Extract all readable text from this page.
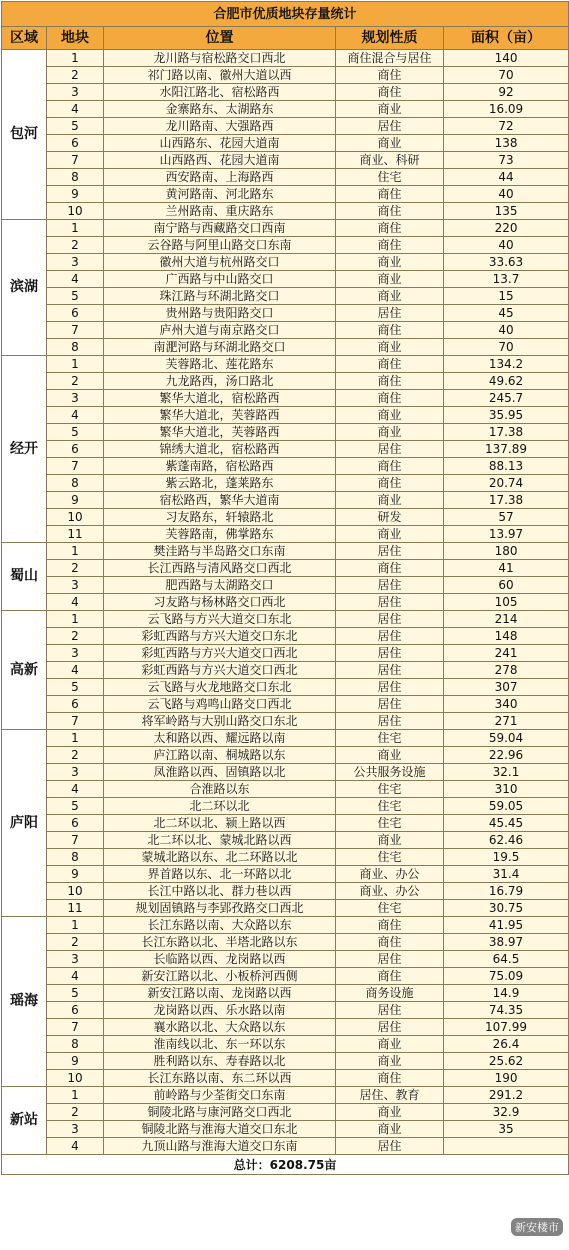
合肥市优质地块存量统计				
区域	地块	位置	规划性质	面积（亩）
包河	1	龙川路与宿松路交口西北	商住混合与居住	140
	2	祁门路以南、徽州大道以西	商住	70
	3	水阳江路北、宿松路西	商住	92
	4	金寨路东、太湖路东	商业	16.09
	5	龙川路南、大强路西	居住	72
	6	山西路东、花园大道南	商业	138
	7	山西路西、花园大道南	商业、科研	73
	8	西安路南、上海路西	住宅	44
	9	黄河路南、河北路东	商住	40
	10	兰州路南、重庆路东	商住	135
滨湖	1	南宁路与西藏路交口西南	商住	220
	2	云谷路与阿里山路交口东南	商住	40
	3	徽州大道与杭州路交口	商业	33.63
	4	广西路与中山路交口	商业	13.7
	5	珠江路与环湖北路交口	商业	15
	6	贵州路与贵阳路交口	居住	45
	7	庐州大道与南京路交口	商住	40
	8	南淝河路与环湖北路交口	商业	70
经开	1	芙蓉路北、莲花路东	商住	134.2
	2	九龙路西，汤口路北	商住	49.62
	3	繁华大道北，宿松路西	商住	245.7
	4	繁华大道北，芙蓉路西	商业	35.95
	5	繁华大道北，芙蓉路西	商业	17.38
	6	锦绣大道北，宿松路西	居住	137.89
	7	紫蓬南路，宿松路西	商住	88.13
	8	紫云路北，蓬莱路东	商住	20.74
	9	宿松路西，繁华大道南	商业	17.38
	10	习友路东，轩辕路北	研发	57
	11	芙蓉路南，佛掌路东	商业	13.97
蜀山	1	樊洼路与半岛路交口东南	居住	180
	2	长江西路与清风路交口西北	商住	41
	3	肥西路与太湖路交口	居住	60
	4	习友路与杨林路交口西北	居住	105
高新	1	云飞路与方兴大道交口东北	居住	214
	2	彩虹西路与方兴大道交口东北	居住	148
	3	彩虹西路与方兴大道交口西北	居住	241
	4	彩虹西路与方兴大道交口西北	居住	278
	5	云飞路与火龙地路交口东北	居住	307
	6	云飞路与鸡鸣山路交口西北	居住	340
	7	将军岭路与大别山路交口东北	居住	271
庐阳	1	太和路以西、耀远路以南	住宅	59.04
	2	庐江路以南、桐城路以东	商业	22.96
	3	凤淮路以西、固镇路以北	公共服务设施	32.1
	4	合淮路以东	住宅	310
	5	北二环以北	住宅	59.05
	6	北二环以北、颍上路以西	住宅	45.45
	7	北二环以北、蒙城北路以西	商业	62.46
	8	蒙城北路以东、北二环路以北	住宅	19.5
	9	界首路以东、北一环路以北	商业、办公	31.4
	10	长江中路以北、群力巷以西	商业、办公	16.79
	11	规划固镇路与李郢孜路交口西北	住宅	30.75
瑶海	1	长江东路以南、大众路以东	商住	41.95
	2	长江东路以北、半塔北路以东	商住	38.97
	3	长临路以西、龙岗路以西	居住	64.5
	4	新安江路以北、小板桥河西侧	商住	75.09
	5	新安江路以南、龙岗路以西	商务设施	14.9
	6	龙岗路以西、乐水路以南	居住	74.35
	7	襄水路以北、大众路以东	居住	107.99
	8	淮南线以北、东一环以东	商业	26.4
	9	胜利路以东、寿春路以北	商业	25.62
	10	长江东路以南、东二环以西	商住	190
新站	1	前岭路与少荃街交口东南	居住、教育	291.2
	2	铜陵北路与康河路交口西北	商业	32.9
	3	铜陵北路与淮海大道交口东北	商业	35
	4	九顶山路与淮海大道交口东南	居住	
总计：6208.75亩				
新安楼市
